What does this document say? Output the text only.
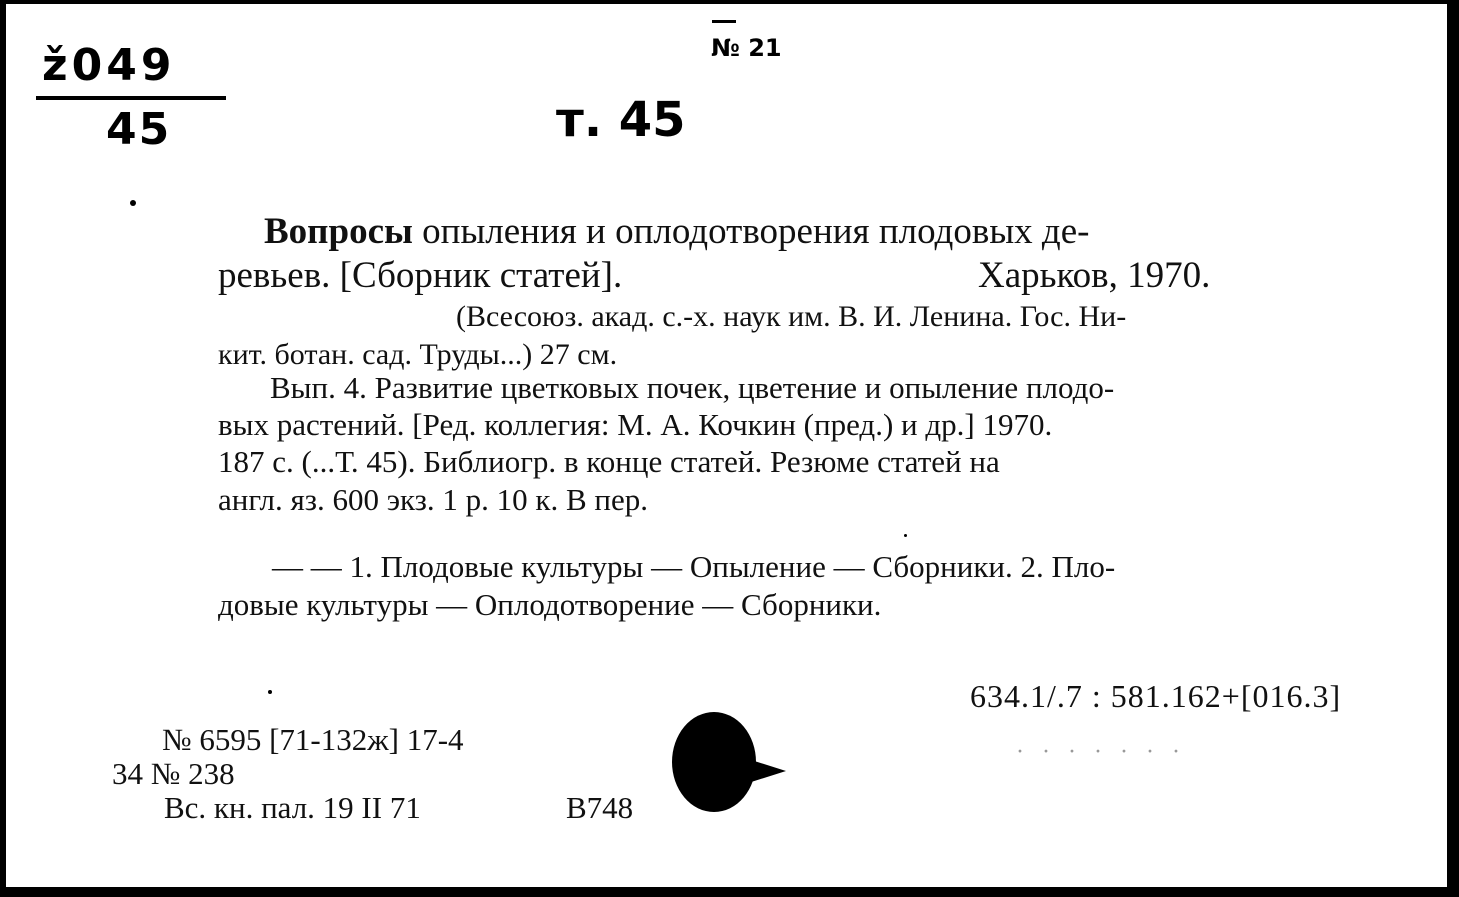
ž049
45	т. 45
№ 21
Вопросы опыления и оплодотворения плодовых де-
ревьев. [Сборник статей].	Харьков, 1970.
(Всесоюз. акад. с.-х. наук им. В. И. Ленина. Гос. Ни-
кит. ботан. сад. Труды...) 27 см.
Вып. 4. Развитие цветковых почек, цветение и опыление плодо-
вых растений. [Ред. коллегия: М. А. Кочкин (пред.) и др.] 1970.
187 с. (...Т. 45). Библиогр. в конце статей. Резюме статей на
англ. яз. 600 экз. 1 р. 10 к. В пер.
— — 1. Плодовые культуры — Опыление — Сборники. 2. Пло-
довые культуры — Оплодотворение — Сборники.
634.1/.7 : 581.162+[016.3]
№ 6595 [71-132ж] 17-4
34 № 238
Вс. кн. пал. 19 II 71	В748
· · · · · · ·
